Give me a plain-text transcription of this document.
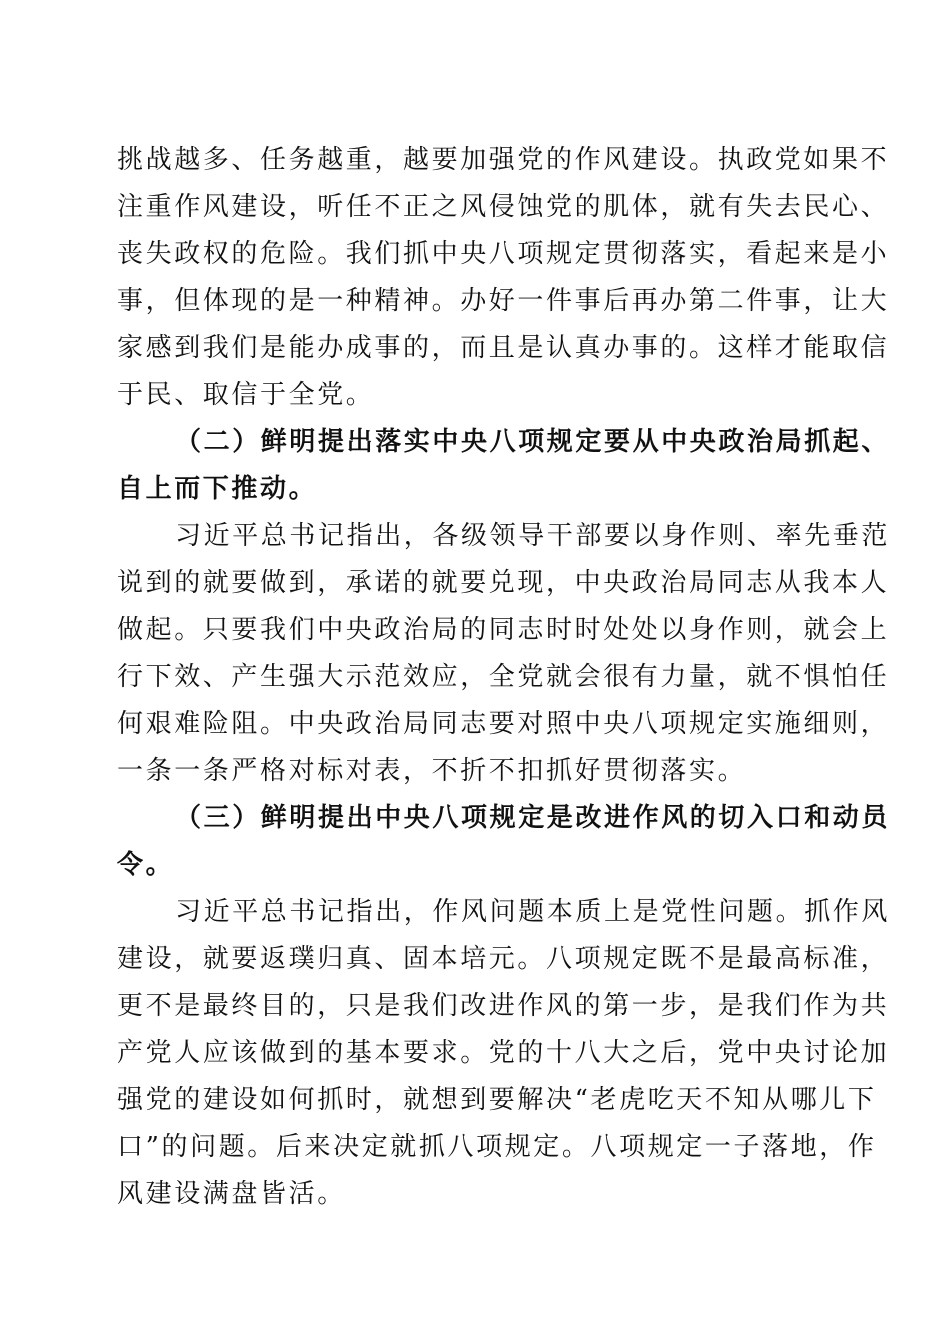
挑战越多、任务越重，越要加强党的作风建设。执政党如果不
注重作风建设，听任不正之风侵蚀党的肌体，就有失去民心、
丧失政权的危险。我们抓中央八项规定贯彻落实，看起来是小
事，但体现的是一种精神。办好一件事后再办第二件事，让大
家感到我们是能办成事的，而且是认真办事的。这样才能取信
于民、取信于全党。
（二）鲜明提出落实中央八项规定要从中央政治局抓起、
自上而下推动。
习近平总书记指出，各级领导干部要以身作则、率先垂范
说到的就要做到，承诺的就要兑现，中央政治局同志从我本人
做起。只要我们中央政治局的同志时时处处以身作则，就会上
行下效、产生强大示范效应，全党就会很有力量，就不惧怕任
何艰难险阻。中央政治局同志要对照中央八项规定实施细则，
一条一条严格对标对表，不折不扣抓好贯彻落实。
（三）鲜明提出中央八项规定是改进作风的切入口和动员
令。
习近平总书记指出，作风问题本质上是党性问题。抓作风
建设，就要返璞归真、固本培元。八项规定既不是最高标准，
更不是最终目的，只是我们改进作风的第一步，是我们作为共
产党人应该做到的基本要求。党的十八大之后，党中央讨论加
强党的建设如何抓时，就想到要解决“老虎吃天不知从哪儿下
口”的问题。后来决定就抓八项规定。八项规定一子落地，作
风建设满盘皆活。
